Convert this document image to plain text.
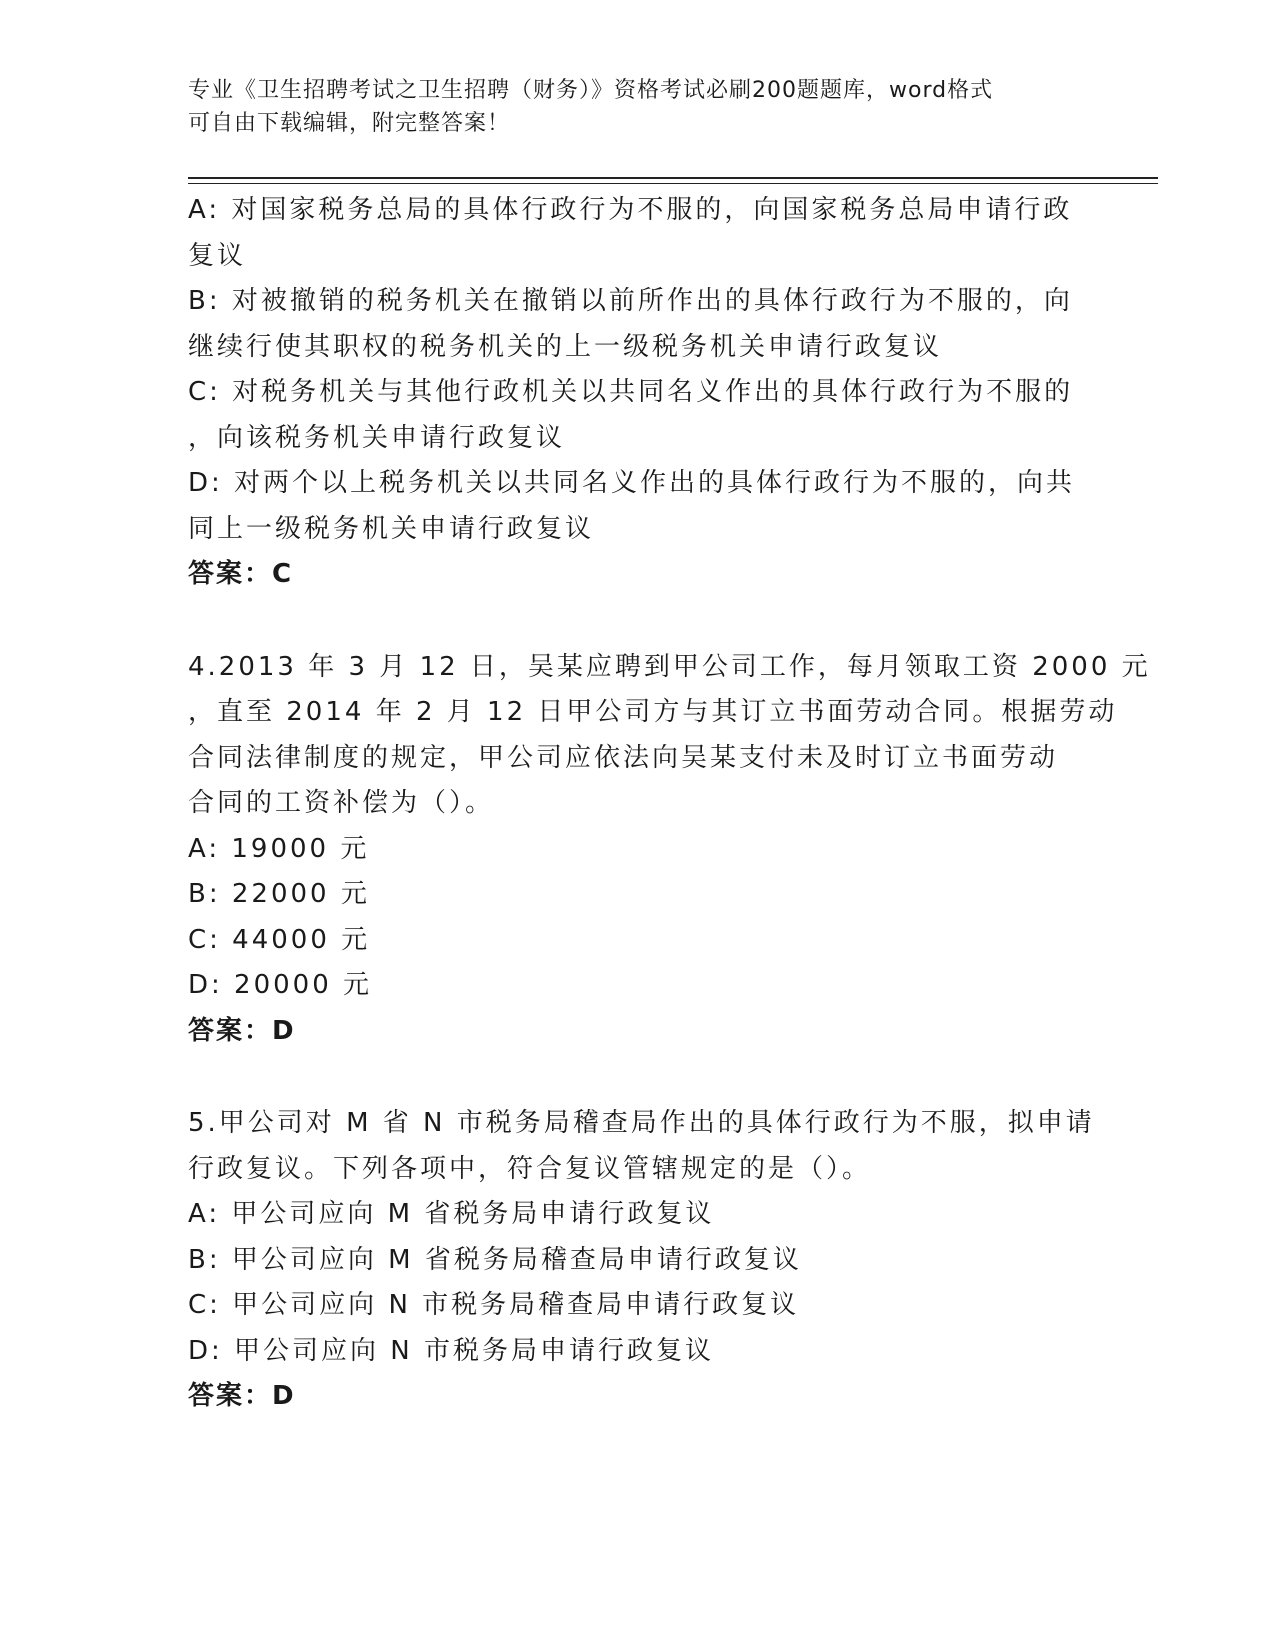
专业《卫生招聘考试之卫生招聘（财务）》资格考试必刷200题题库，word格式
可自由下载编辑，附完整答案！
A: 对国家税务总局的具体行政行为不服的，向国家税务总局申请行政
复议
B: 对被撤销的税务机关在撤销以前所作出的具体行政行为不服的，向
继续行使其职权的税务机关的上一级税务机关申请行政复议
C: 对税务机关与其他行政机关以共同名义作出的具体行政行为不服的
，向该税务机关申请行政复议
D: 对两个以上税务机关以共同名义作出的具体行政行为不服的，向共
同上一级税务机关申请行政复议
答案：C
4.2013 年 3 月 12 日，吴某应聘到甲公司工作，每月领取工资 2000 元
，直至 2014 年 2 月 12 日甲公司方与其订立书面劳动合同。根据劳动
合同法律制度的规定，甲公司应依法向吴某支付未及时订立书面劳动
合同的工资补偿为（）。
A: 19000 元
B: 22000 元
C: 44000 元
D: 20000 元
答案：D
5.甲公司对 M 省 N 市税务局稽查局作出的具体行政行为不服，拟申请
行政复议。下列各项中，符合复议管辖规定的是（）。
A: 甲公司应向 M 省税务局申请行政复议
B: 甲公司应向 M 省税务局稽查局申请行政复议
C: 甲公司应向 N 市税务局稽查局申请行政复议
D: 甲公司应向 N 市税务局申请行政复议
答案：D
